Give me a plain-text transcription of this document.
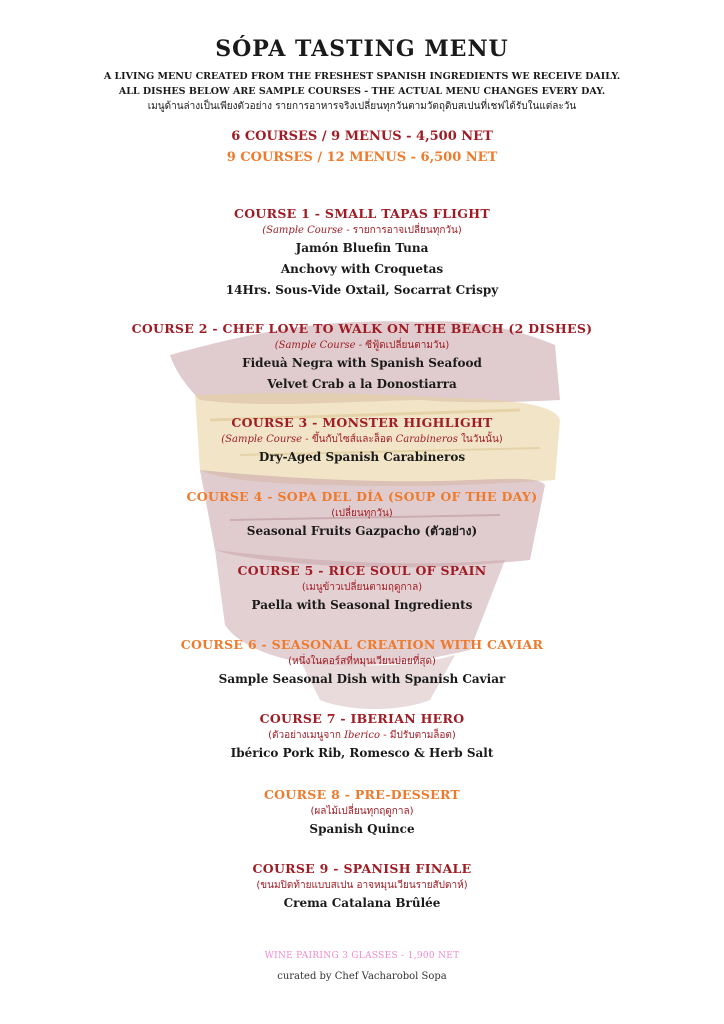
SÓPA TASTING MENU
A LIVING MENU CREATED FROM THE FRESHEST SPANISH INGREDIENTS WE RECEIVE DAILY.
ALL DISHES BELOW ARE SAMPLE COURSES - THE ACTUAL MENU CHANGES EVERY DAY.
เมนูด้านล่างเป็นเพียงตัวอย่าง รายการอาหารจริงเปลี่ยนทุกวันตามวัตถุดิบสเปนที่เชฟได้รับในแต่ละวัน
6 COURSES / 9 MENUS - 4,500 NET
9 COURSES / 12 MENUS - 6,500 NET
COURSE 1 - SMALL TAPAS FLIGHT
(Sample Course - รายการอาจเปลี่ยนทุกวัน)
Jamón Bluefin Tuna
Anchovy with Croquetas
14Hrs. Sous-Vide Oxtail, Socarrat Crispy
COURSE 2 - CHEF LOVE TO WALK ON THE BEACH (2 DISHES)
(Sample Course - ซีฟู้ดเปลี่ยนตามวัน)
Fideuà Negra with Spanish Seafood
Velvet Crab a la Donostiarra
COURSE 3 - MONSTER HIGHLIGHT
(Sample Course - ขึ้นกับไซส์และล็อต Carabineros ในวันนั้น)
Dry-Aged Spanish Carabineros
COURSE 4 - SOPA DEL DÍA (SOUP OF THE DAY)
(เปลี่ยนทุกวัน)
Seasonal Fruits Gazpacho (ตัวอย่าง)
COURSE 5 - RICE SOUL OF SPAIN
(เมนูข้าวเปลี่ยนตามฤดูกาล)
Paella with Seasonal Ingredients
COURSE 6 - SEASONAL CREATION WITH CAVIAR
(หนึ่งในคอร์สที่หมุนเวียนบ่อยที่สุด)
Sample Seasonal Dish with Spanish Caviar
COURSE 7 - IBERIAN HERO
(ตัวอย่างเมนูจาก Iberico - มีปรับตามล็อต)
Ibérico Pork Rib, Romesco & Herb Salt
COURSE 8 - PRE-DESSERT
(ผลไม้เปลี่ยนทุกฤดูกาล)
Spanish Quince
COURSE 9 - SPANISH FINALE
(ขนมปิดท้ายแบบสเปน อาจหมุนเวียนรายสัปดาห์)
Crema Catalana Brûlée
WINE PAIRING 3 GLASSES - 1,900 NET
curated by Chef Vacharobol Sopa
